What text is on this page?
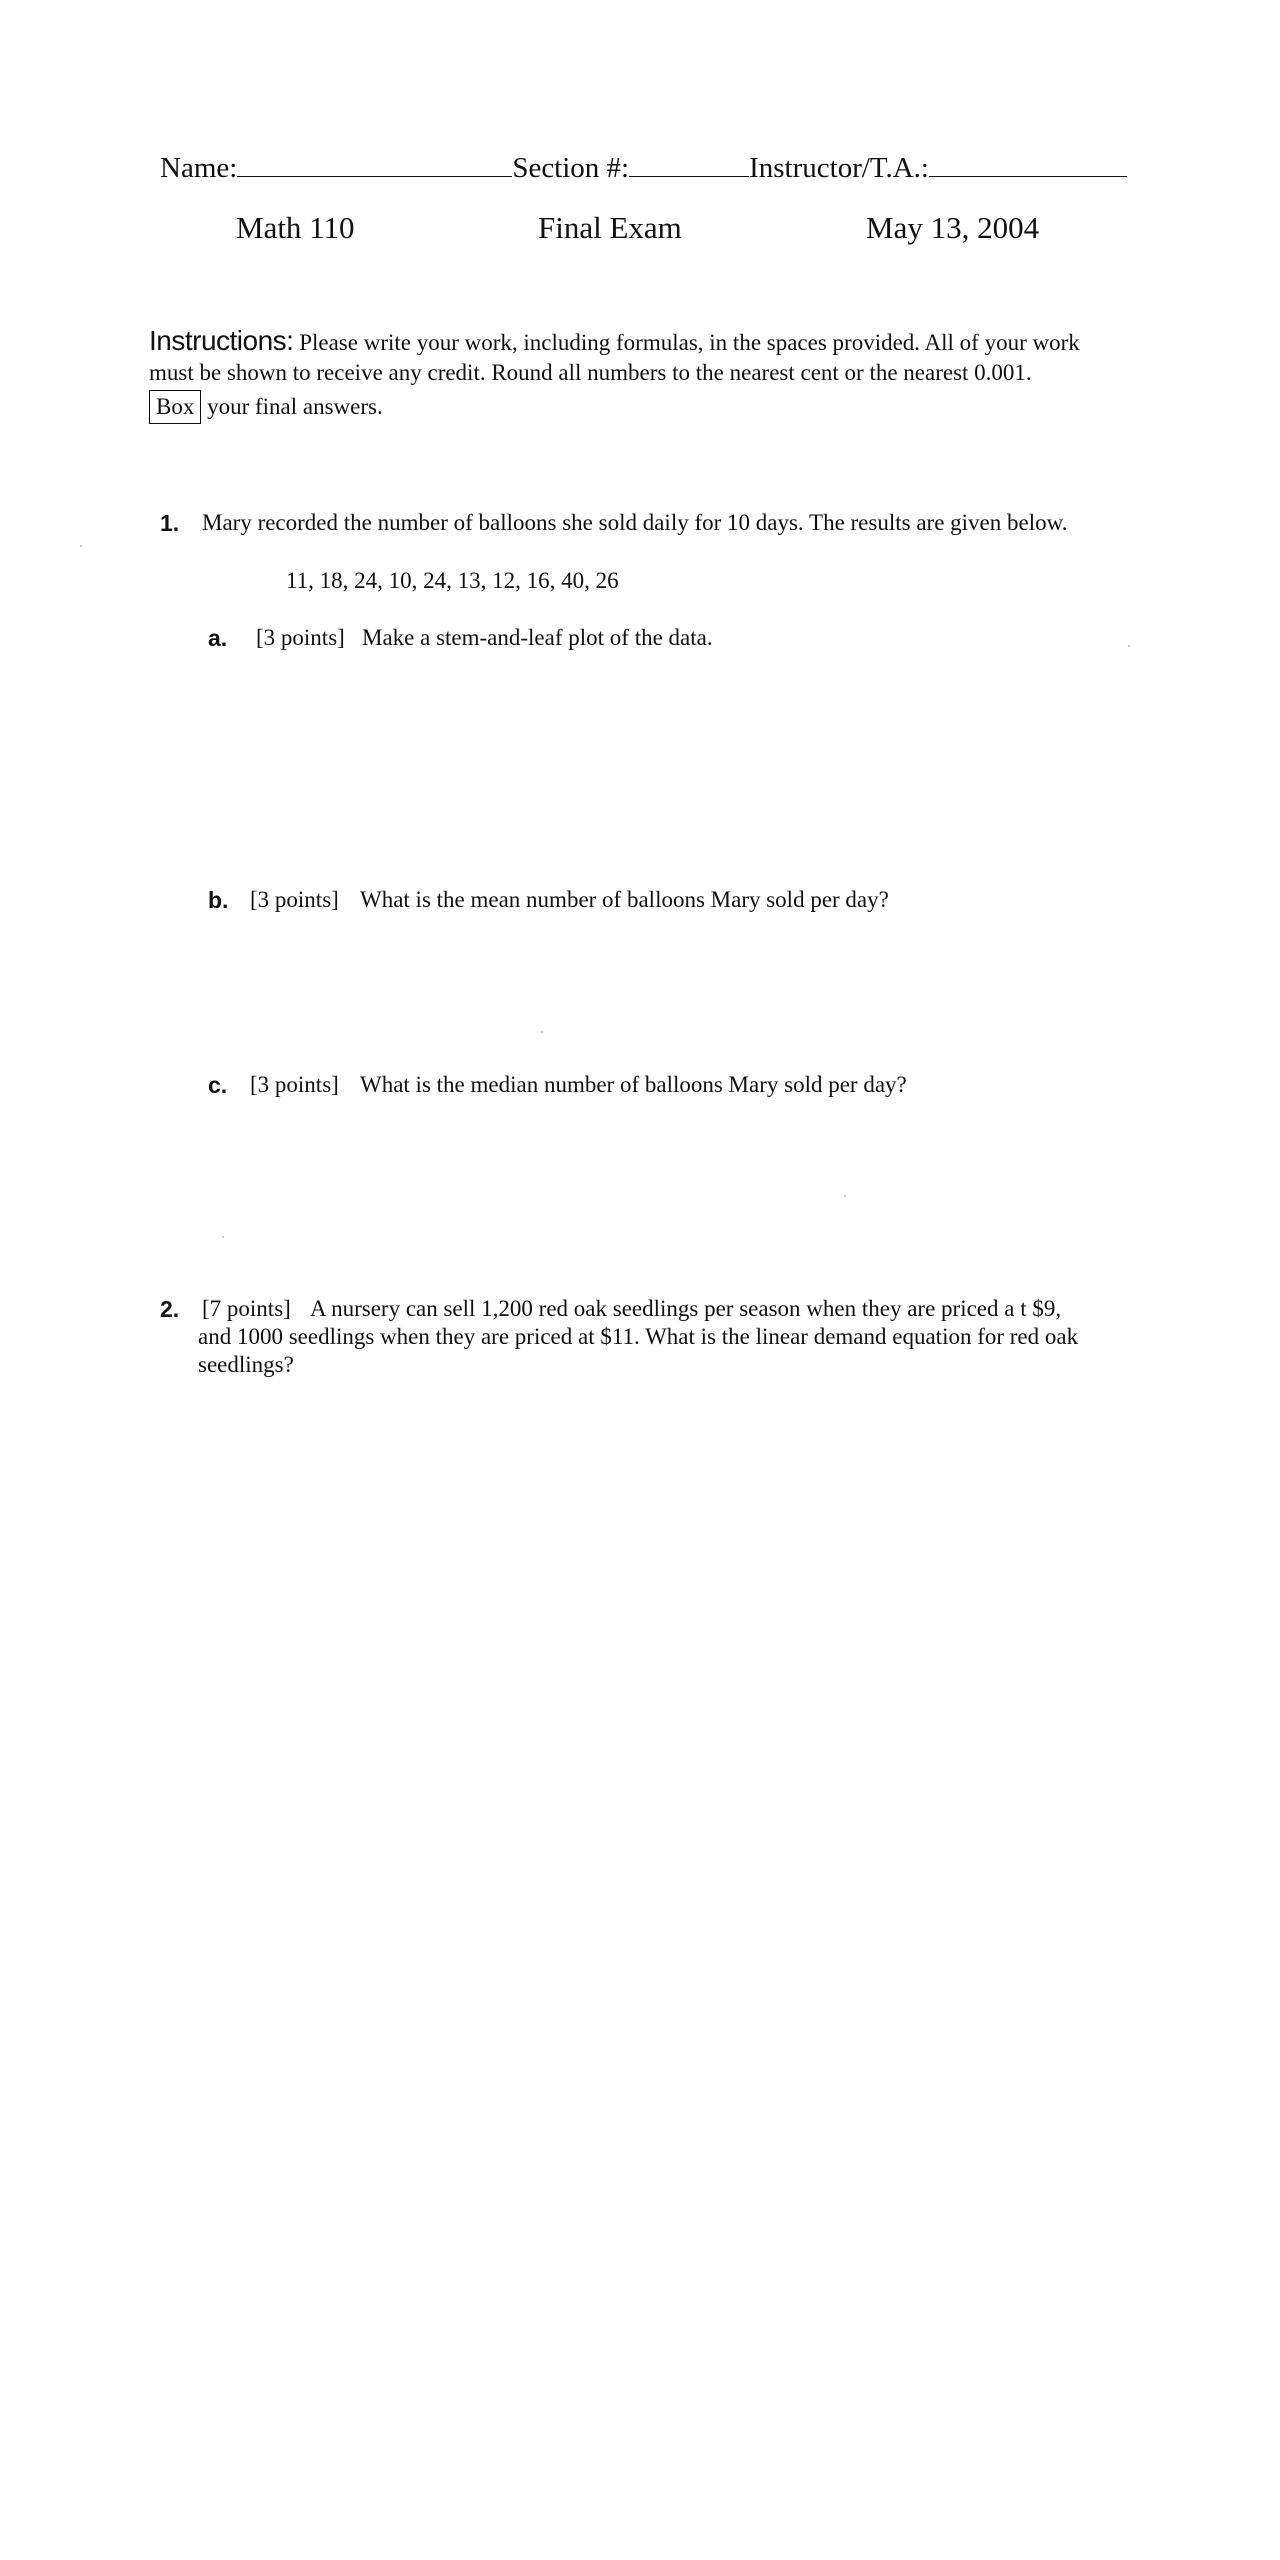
Name:	Section #:	Instructor/T.A.:
Math 110	Final Exam	May 13, 2004
Instructions: Please write your work, including formulas, in the spaces provided. All of your work
must be shown to receive any credit. Round all numbers to the nearest cent or the nearest 0.001.
Box your final answers.
1. Mary recorded the number of balloons she sold daily for 10 days. The results are given below.
11, 18, 24, 10, 24, 13, 12, 16, 40, 26
a. [3 points] Make a stem-and-leaf plot of the data.
b. [3 points] What is the mean number of balloons Mary sold per day?
c. [3 points] What is the median number of balloons Mary sold per day?
2. [7 points] A nursery can sell 1,200 red oak seedlings per season when they are priced a t $9,
and 1000 seedlings when they are priced at $11. What is the linear demand equation for red oak
seedlings?
